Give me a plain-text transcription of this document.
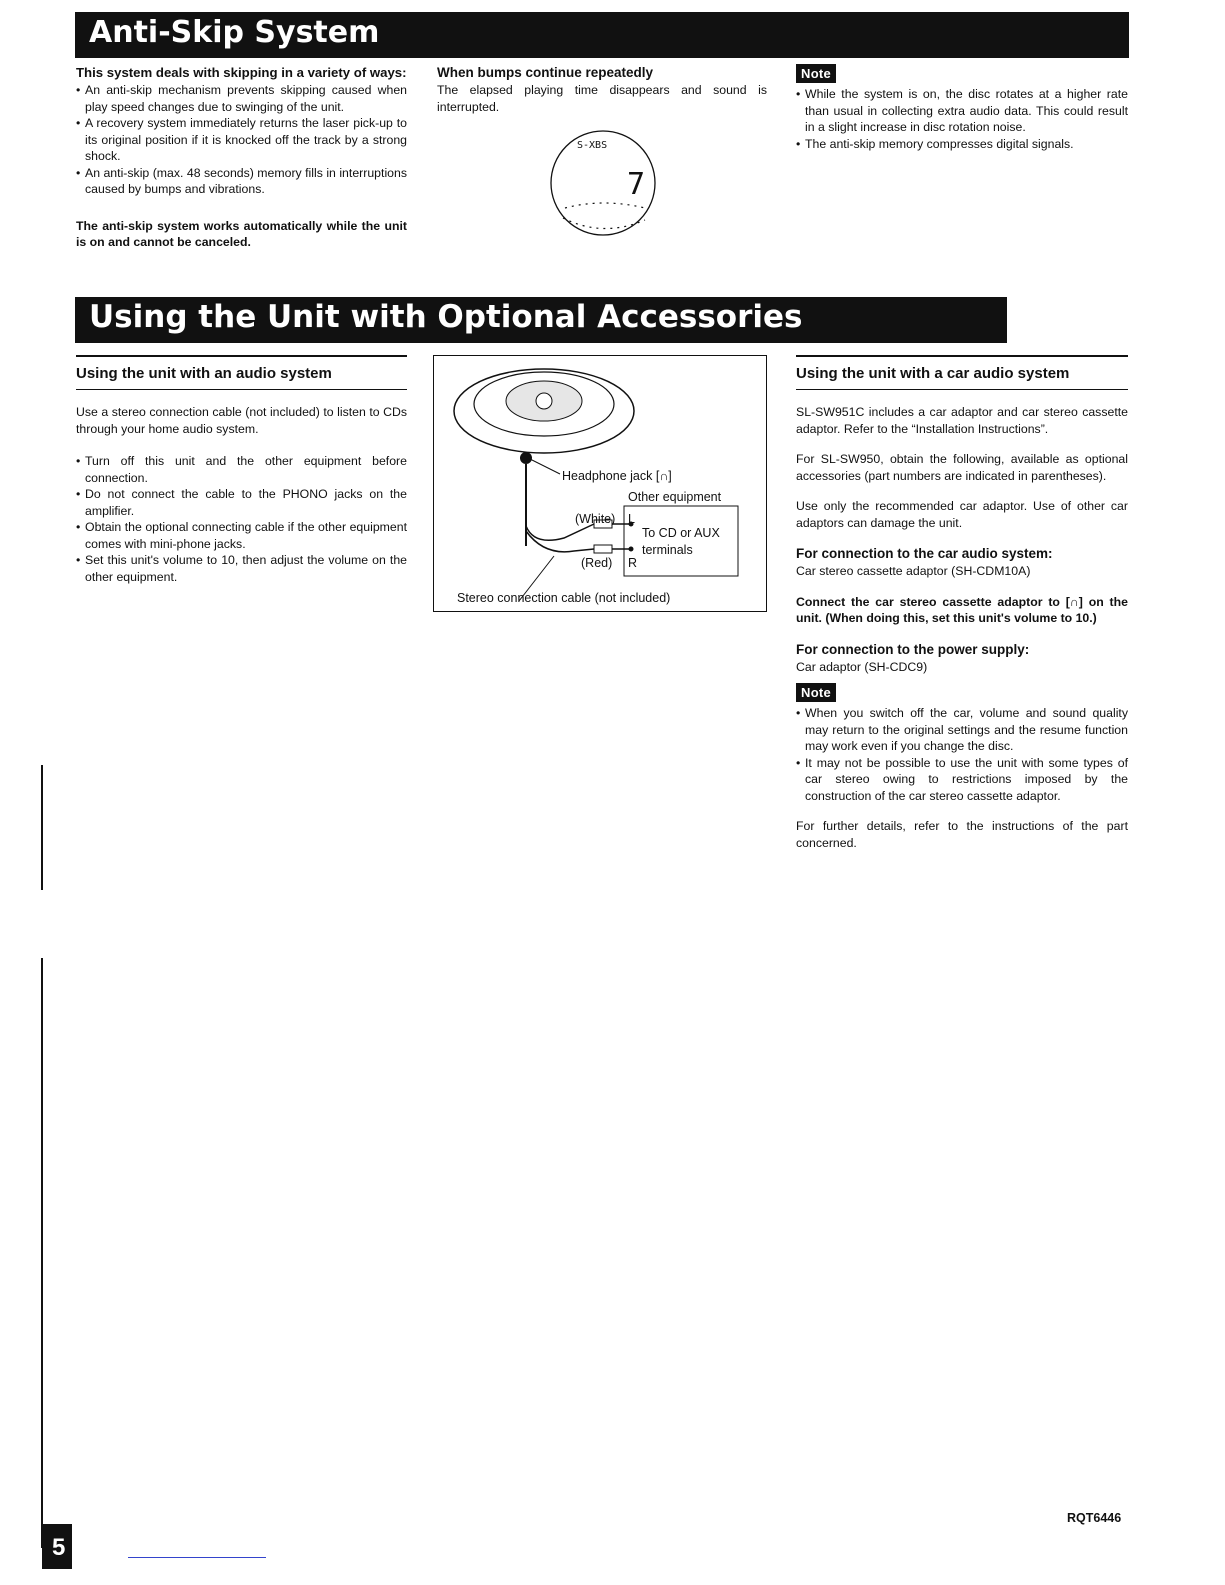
Anti-Skip System
This system deals with skipping in a variety of ways:
• An anti-skip mechanism prevents skipping caused when play speed changes due to swinging of the unit.
• A recovery system immediately returns the laser pick-up to its original position if it is knocked off the track by a strong shock.
• An anti-skip (max. 48 seconds) memory fills in interruptions caused by bumps and vibrations.

The anti-skip system works automatically while the unit is on and cannot be canceled.

When bumps continue repeatedly

The elapsed playing time disappears and sound is interrupted.

S-XBS
7
Note
• While the system is on, the disc rotates at a higher rate than usual in collecting extra audio data. This could result in a slight increase in disc rotation noise.
• The anti-skip memory compresses digital signals.
Using the Unit with Optional Accessories
Using the unit with an audio system

Use a stereo connection cable (not included) to listen to CDs through your home audio system.

• Turn off this unit and the other equipment before connection.
• Do not connect the cable to the PHONO jacks on the amplifier.
• Obtain the optional connecting cable if the other equipment comes with mini-phone jacks.
• Set this unit's volume to 10, then adjust the volume on the other equipment.
Headphone jack [∩]
Other equipment
(White) L
To CD or AUX
terminals
(Red) R
Stereo connection cable (not included)
Using the unit with a car audio system

SL-SW951C includes a car adaptor and car stereo cassette adaptor. Refer to the “Installation Instructions”.

For SL-SW950, obtain the following, available as optional accessories (part numbers are indicated in parentheses).

Use only the recommended car adaptor. Use of other car adaptors can damage the unit.

For connection to the car audio system:

Car stereo cassette adaptor (SH-CDM10A)

Connect the car stereo cassette adaptor to [∩] on the unit. (When doing this, set this unit's volume to 10.)

For connection to the power supply:

Car adaptor (SH-CDC9)

Note
• When you switch off the car, volume and sound quality may return to the original settings and the resume function may work even if you change the disc.
• It may not be possible to use the unit with some types of car stereo owing to restrictions imposed by the construction of the car stereo cassette adaptor.

For further details, refer to the instructions of the part concerned.

RQT6446
5
